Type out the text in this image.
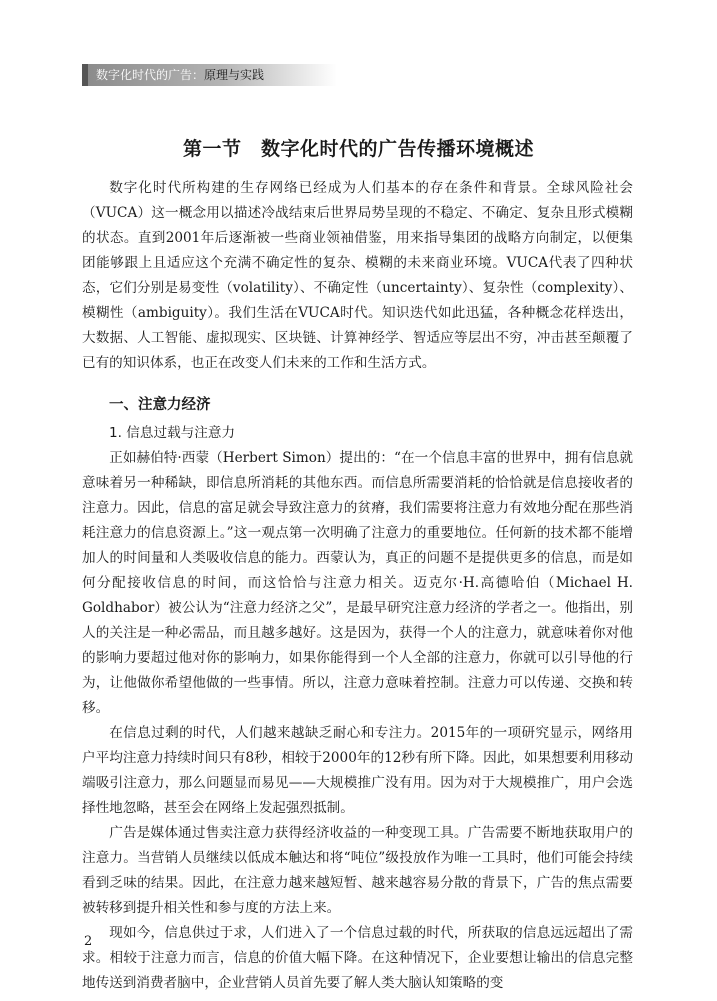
数字化时代的广告：原理与实践
第一节　数字化时代的广告传播环境概述

数字化时代所构建的生存网络已经成为人们基本的存在条件和背景。全球风险社会（VUCA）这一概念用以描述冷战结束后世界局势呈现的不稳定、不确定、复杂且形式模糊的状态。直到2001年后逐渐被一些商业领袖借鉴，用来指导集团的战略方向制定，以便集团能够跟上且适应这个充满不确定性的复杂、模糊的未来商业环境。VUCA代表了四种状态，它们分别是易变性（volatility）、不确定性（uncertainty）、复杂性（complexity）、模糊性（ambiguity）。我们生活在VUCA时代。知识迭代如此迅猛，各种概念花样迭出，大数据、人工智能、虚拟现实、区块链、计算神经学、智适应等层出不穷，冲击甚至颠覆了已有的知识体系，也正在改变人们未来的工作和生活方式。

一、注意力经济
1. 信息过载与注意力

正如赫伯特·西蒙（Herbert Simon）提出的：“在一个信息丰富的世界中，拥有信息就意味着另一种稀缺，即信息所消耗的其他东西。而信息所需要消耗的恰恰就是信息接收者的注意力。因此，信息的富足就会导致注意力的贫瘠，我们需要将注意力有效地分配在那些消耗注意力的信息资源上。”这一观点第一次明确了注意力的重要地位。任何新的技术都不能增加人的时间量和人类吸收信息的能力。西蒙认为，真正的问题不是提供更多的信息，而是如何分配接收信息的时间，而这恰恰与注意力相关。迈克尔·H.高德哈伯（Michael H. Goldhabor）被公认为“注意力经济之父”，是最早研究注意力经济的学者之一。他指出，别人的关注是一种必需品，而且越多越好。这是因为，获得一个人的注意力，就意味着你对他的影响力要超过他对你的影响力，如果你能得到一个人全部的注意力，你就可以引导他的行为，让他做你希望他做的一些事情。所以，注意力意味着控制。注意力可以传递、交换和转移。

在信息过剩的时代，人们越来越缺乏耐心和专注力。2015年的一项研究显示，网络用户平均注意力持续时间只有8秒，相较于2000年的12秒有所下降。因此，如果想要利用移动端吸引注意力，那么问题显而易见——大规模推广没有用。因为对于大规模推广，用户会选择性地忽略，甚至会在网络上发起强烈抵制。

广告是媒体通过售卖注意力获得经济收益的一种变现工具。广告需要不断地获取用户的注意力。当营销人员继续以低成本触达和将“吨位”级投放作为唯一工具时，他们可能会持续看到乏味的结果。因此，在注意力越来越短暂、越来越容易分散的背景下，广告的焦点需要被转移到提升相关性和参与度的方法上来。

现如今，信息供过于求，人们进入了一个信息过载的时代，所获取的信息远远超出了需求。相较于注意力而言，信息的价值大幅下降。在这种情况下，企业要想让输出的信息完整地传送到消费者脑中，企业营销人员首先要了解人类大脑认知策略的变

2
